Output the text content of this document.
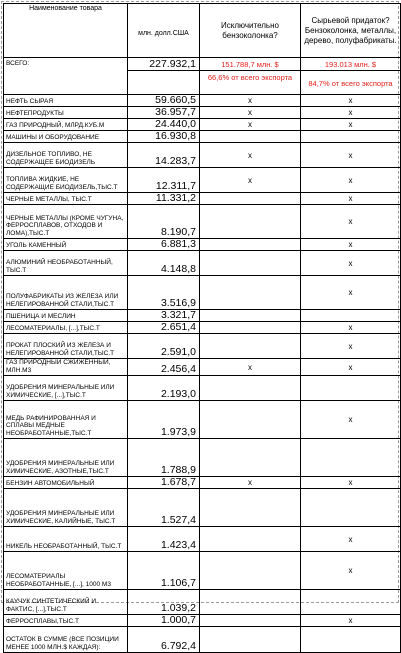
Наименование товара	млн. долл.США	Исключительно бензоколонка?	Сырьевой придаток? Бензоколонка, металлы, дерево, полуфабрикаты.
ВСЕГО:	227.932,1	151.788,7 млн. $	193.013 млн. $
		66,6% от всего экспорта	84,7% от всего экспорта

НЕФТЬ СЫРАЯ	59.660,5	x	x
НЕФТЕПРОДУКТЫ	36.957,7	x	x
ГАЗ ПРИРОДНЫЙ, МЛРД.КУБ.М	24.440,0	x	x
МАШИНЫ И ОБОРУДОВАНИЕ	16.930,8		
ДИЗЕЛЬНОЕ ТОПЛИВО, НЕ СОДЕРЖАЩЕЕ БИОДИЗЕЛЬ	14.283,7	x	x
ТОПЛИВА ЖИДКИЕ, НЕ СОДЕРЖАЩИЕ БИОДИЗЕЛЬ,ТЫС.Т	12.311,7	x	x
ЧЕРНЫЕ МЕТАЛЛЫ, ТЫС.Т	11.331,2		x
ЧЕРНЫЕ МЕТАЛЛЫ (КРОМЕ ЧУГУНА, ФЕРРОСПЛАВОВ, ОТХОДОВ И ЛОМА),ТЫС.Т	8.190,7		x
УГОЛЬ КАМЕННЫЙ	6.881,3		x
АЛЮМИНИЙ НЕОБРАБОТАННЫЙ, ТЫС.Т	4.148,8		x
ПОЛУФАБРИКАТЫ ИЗ ЖЕЛЕЗА ИЛИ НЕЛЕГИРОВАННОЙ СТАЛИ,ТЫС.Т	3.516,9		x
ПШЕНИЦА И МЕСЛИН	3.321,7		
ЛЕСОМАТЕРИАЛЫ, [...],ТЫС.Т	2.651,4		x
ПРОКАТ ПЛОСКИЙ ИЗ ЖЕЛЕЗА И НЕЛЕГИРОВАННОЙ СТАЛИ,ТЫС.Т	2.591,0		x
ГАЗ ПРИРОДНЫЙ СЖИЖЕННЫЙ, МЛН.М3	2.456,4	x	x
УДОБРЕНИЯ МИНЕРАЛЬНЫЕ ИЛИ ХИМИЧЕСКИЕ, [...],ТЫС.Т	2.193,0		
МЕДЬ РАФИНИРОВАННАЯ И СПЛАВЫ МЕДНЫЕ НЕОБРАБОТАННЫЕ,ТЫС.Т	1.973,9		x
УДОБРЕНИЯ МИНЕРАЛЬНЫЕ ИЛИ ХИМИЧЕСКИЕ, АЗОТНЫЕ,ТЫС.Т	1.788,9		
БЕНЗИН АВТОМОБИЛЬНЫЙ	1.678,7	x	x
УДОБРЕНИЯ МИНЕРАЛЬНЫЕ ИЛИ ХИМИЧЕСКИЕ, КАЛИЙНЫЕ, ТЫС.Т	1.527,4		
НИКЕЛЬ НЕОБРАБОТАННЫЙ, ТЫС.Т	1.423,4		x
ЛЕСОМАТЕРИАЛЫ НЕОБРАБОТАННЫЕ, [...], 1000 М3	1.106,7		x
КАУЧУК СИНТЕТИЧЕСКИЙ И ФАКТИС, [...],ТЫС.Т	1.039,2		
ФЕРРОСПЛАВЫ,ТЫС.Т	1.000,7		x
ОСТАТОК В СУММЕ (ВСЕ ПОЗИЦИИ МЕНЕЕ 1000 МЛН.$ КАЖДАЯ):	6.792,4		
